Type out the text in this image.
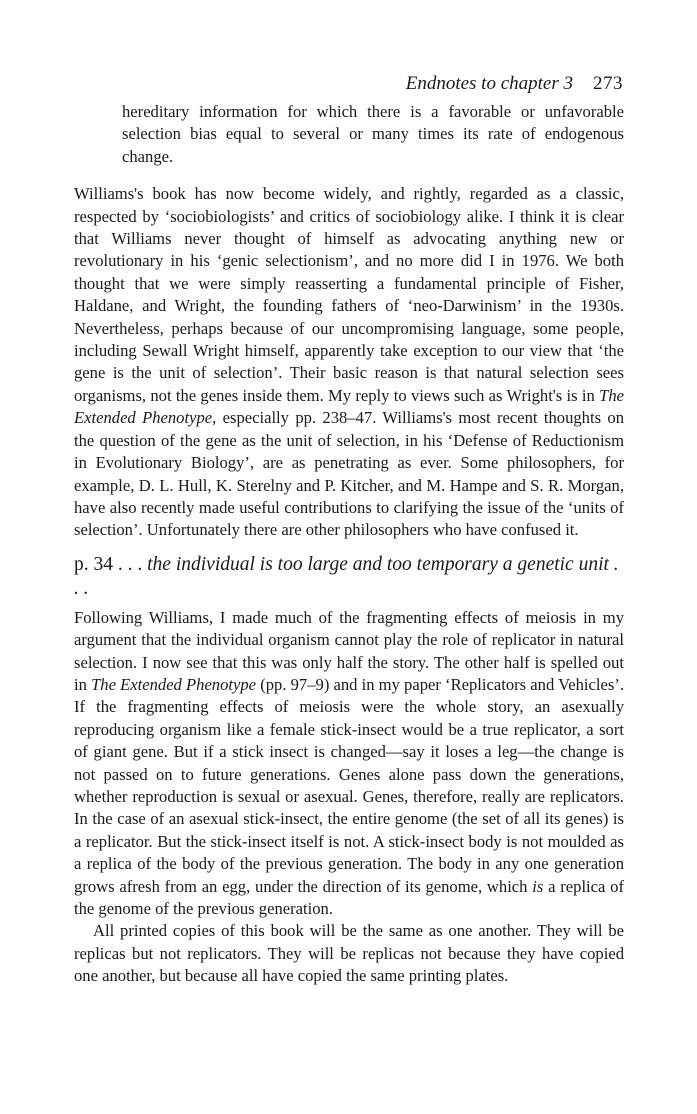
Endnotes to chapter 3 273

hereditary information for which there is a favorable or unfavorable selection bias equal to several or many times its rate of endogenous change.

Williams's book has now become widely, and rightly, regarded as a classic, respected by ‘sociobiologists’ and critics of sociobiology alike. I think it is clear that Williams never thought of himself as advocating anything new or revolutionary in his ‘genic selectionism’, and no more did I in 1976. We both thought that we were simply reasserting a fundamental principle of Fisher, Haldane, and Wright, the founding fathers of ‘neo-Darwinism’ in the 1930s. Nevertheless, perhaps because of our uncompromising language, some people, including Sewall Wright himself, apparently take exception to our view that ‘the gene is the unit of selection’. Their basic reason is that natural selection sees organisms, not the genes inside them. My reply to views such as Wright's is in The Extended Phenotype, especially pp. 238–47. Williams's most recent thoughts on the question of the gene as the unit of selection, in his ‘Defense of Reductionism in Evolutionary Biology’, are as penetrating as ever. Some philosophers, for example, D. L. Hull, K. Sterelny and P. Kitcher, and M. Hampe and S. R. Morgan, have also recently made useful contributions to clarifying the issue of the ‘units of selection’. Unfortunately there are other philosophers who have confused it.

p. 34 . . . the individual is too large and too temporary a genetic unit . . .

Following Williams, I made much of the fragmenting effects of meiosis in my argument that the individual organism cannot play the role of replicator in natural selection. I now see that this was only half the story. The other half is spelled out in The Extended Phenotype (pp. 97–9) and in my paper ‘Replicators and Vehicles’. If the fragmenting effects of meiosis were the whole story, an asexually reproducing organism like a female stick-insect would be a true replicator, a sort of giant gene. But if a stick insect is changed—say it loses a leg—the change is not passed on to future generations. Genes alone pass down the generations, whether reproduction is sexual or asexual. Genes, therefore, really are replicators. In the case of an asexual stick-insect, the entire genome (the set of all its genes) is a replicator. But the stick-insect itself is not. A stick-insect body is not moulded as a replica of the body of the previous generation. The body in any one generation grows afresh from an egg, under the direction of its genome, which is a replica of the genome of the previous generation.

All printed copies of this book will be the same as one another. They will be replicas but not replicators. They will be replicas not because they have copied one another, but because all have copied the same printing plates.
